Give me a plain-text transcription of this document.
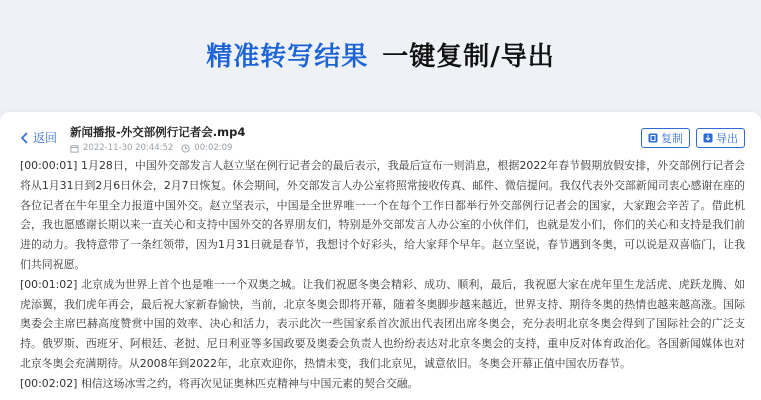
精准转写结果 一键复制/导出
返回 新闻播报-外交部例行记者会.mp4
2022-11-30 20:44:52 00:02:09
复制	导出

[00:00:01] 1月28日，中国外交部发言人赵立坚在例行记者会的最后表示，我最后宣布一则消息，根据2022年春节假期放假安排，外交部例行记者会将从1月31日到2月6日休会，2月7日恢复。休会期间，外交部发言人办公室将照常接收传真、邮件、微信提问。我仅代表外交部新闻司衷心感谢在座的各位记者在牛年里全力报道中国外交。赵立坚表示，中国是全世界唯一一个在每个工作日都举行外交部例行记者会的国家，大家跑会辛苦了。借此机会，我也愿感谢长期以来一直关心和支持中国外交的各界朋友们，特别是外交部发言人办公室的小伙伴们，也就是发小们，你们的关心和支持是我们前进的动力。我特意带了一条红领带，因为1月31日就是春节，我想讨个好彩头，给大家拜个早年。赵立坚说，春节遇到冬奥，可以说是双喜临门，让我们共同祝愿。

[00:01:02] 北京成为世界上首个也是唯一一个双奥之城。让我们祝愿冬奥会精彩、成功、顺利，最后，我祝愿大家在虎年里生龙活虎、虎跃龙腾、如虎添翼，我们虎年再会，最后祝大家新春愉快，当前，北京冬奥会即将开幕，随着冬奥脚步越来越近，世界支持、期待冬奥的热情也越来越高涨。国际奥委会主席巴赫高度赞赏中国的效率、决心和活力，表示此次一些国家系首次派出代表团出席冬奥会，充分表明北京冬奥会得到了国际社会的广泛支持。俄罗斯、西班牙、阿根廷、老挝、尼日利亚等多国政要及奥委会负责人也纷纷表达对北京冬奥会的支持，重申反对体育政治化。各国新闻媒体也对北京冬奥会充满期待。从2008年到2022年，北京欢迎你，热情未变，我们北京见，诚意依旧。冬奥会开幕正值中国农历春节。

[00:02:02] 相信这场冰雪之约，将再次见证奥林匹克精神与中国元素的契合交融。
